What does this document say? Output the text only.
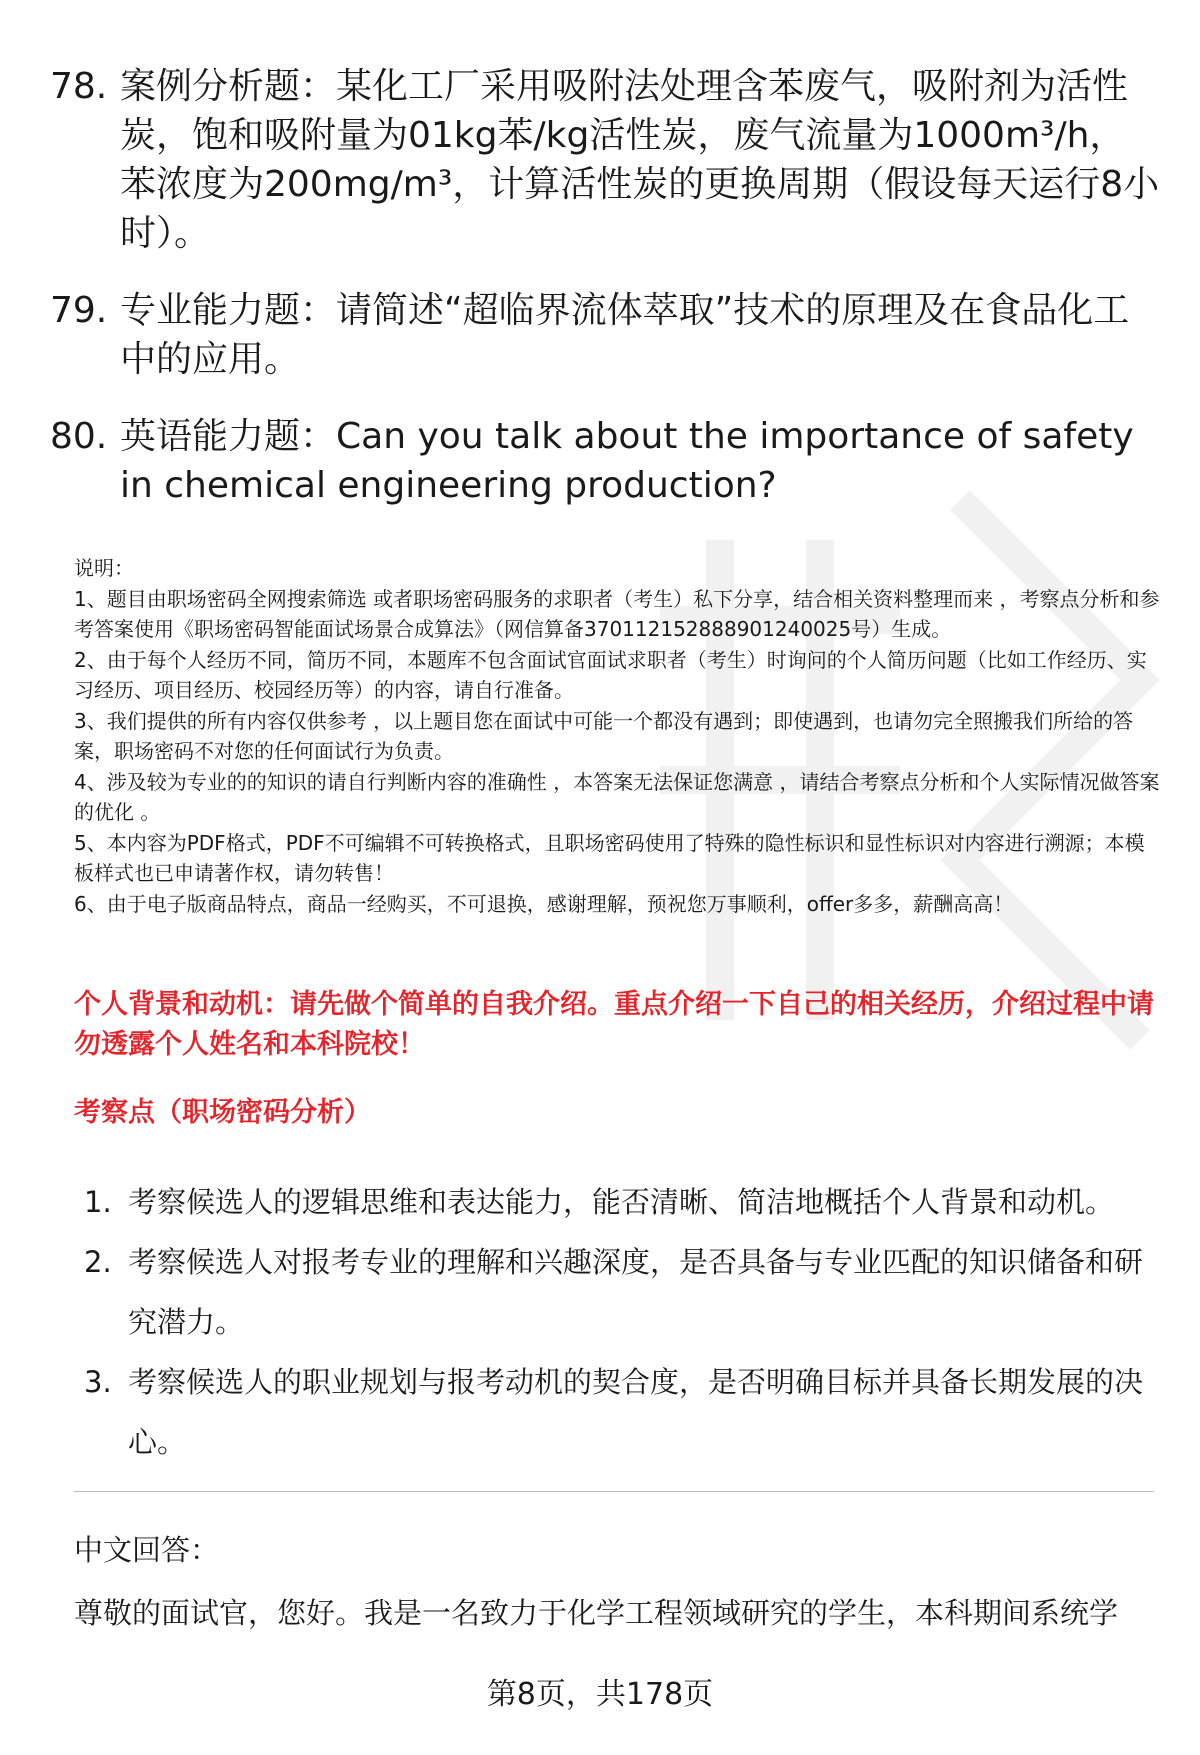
78. 案例分析题：某化工厂采用吸附法处理含苯废气，吸附剂为活性炭，饱和吸附量为01kg苯/kg活性炭，废气流量为1000m³/h，苯浓度为200mg/m³，计算活性炭的更换周期（假设每天运行8小时）。
79. 专业能力题：请简述“超临界流体萃取”技术的原理及在食品化工中的应用。
80. 英语能力题：Can you talk about the importance of safety in chemical engineering production?

说明：

1、题目由职场密码全网搜索筛选 或者职场密码服务的求职者（考生）私下分享，结合相关资料整理而来 ，考察点分析和参考答案使用《职场密码智能面试场景合成算法》（网信算备370112152888901240025号）生成。

2、由于每个人经历不同，简历不同，本题库不包含面试官面试求职者（考生）时询问的个人简历问题（比如工作经历、实习经历、项目经历、校园经历等）的内容，请自行准备。

3、我们提供的所有内容仅供参考 ，以上题目您在面试中可能一个都没有遇到；即使遇到，也请勿完全照搬我们所给的答案，职场密码不对您的任何面试行为负责。

4、涉及较为专业的的知识的请自行判断内容的准确性 ，本答案无法保证您满意 ，请结合考察点分析和个人实际情况做答案的优化 。

5、本内容为PDF格式，PDF不可编辑不可转换格式，且职场密码使用了特殊的隐性标识和显性标识对内容进行溯源；本模板样式也已申请著作权，请勿转售！

6、由于电子版商品特点，商品一经购买，不可退换，感谢理解，预祝您万事顺利，offer多多，薪酬高高！

个人背景和动机：请先做个简单的自我介绍。重点介绍一下自己的相关经历，介绍过程中请勿透露个人姓名和本科院校！
考察点（职场密码分析）
1. 考察候选人的逻辑思维和表达能力，能否清晰、简洁地概括个人背景和动机。
2. 考察候选人对报考专业的理解和兴趣深度，是否具备与专业匹配的知识储备和研究潜力。
3. 考察候选人的职业规划与报考动机的契合度，是否明确目标并具备长期发展的决心。
中文回答：
尊敬的面试官，您好。我是一名致力于化学工程领域研究的学生，本科期间系统学
第8页，共178页
